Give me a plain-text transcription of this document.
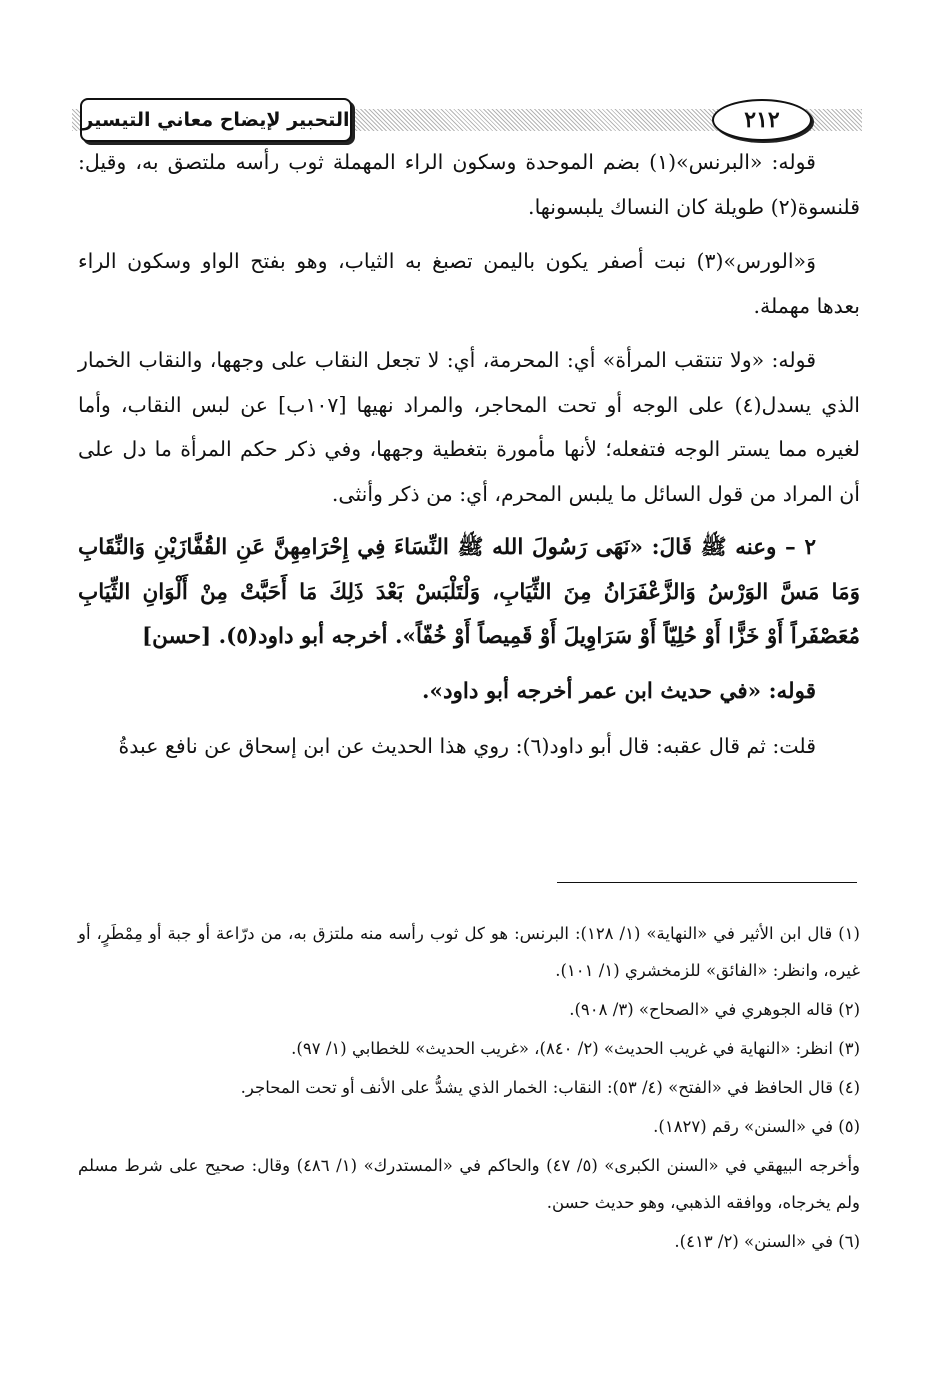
التحبير لإيضاح معاني التيسير	٢١٢

قوله: «البرنس»(١) بضم الموحدة وسكون الراء المهملة ثوب رأسه ملتصق به، وقيل: قلنسوة(٢) طويلة كان النساك يلبسونها.

وَ«الورس»(٣) نبت أصفر يكون باليمن تصبغ به الثياب، وهو بفتح الواو وسكون الراء بعدها مهملة.

قوله: «ولا تنتقب المرأة» أي: المحرمة، أي: لا تجعل النقاب على وجهها، والنقاب الخمار الذي يسدل(٤) على الوجه أو تحت المحاجر، والمراد نهيها [١٠٧ب] عن لبس النقاب، وأما لغيره مما يستر الوجه فتفعله؛ لأنها مأمورة بتغطية وجهها، وفي ذكر حكم المرأة ما دل على أن المراد من قول السائل ما يلبس المحرم، أي: من ذكر وأنثى.

٢ – وعنه ﷺ قَالَ: «نَهَى رَسُولَ الله ﷺ النِّسَاءَ فِي إِحْرَامِهِنَّ عَنِ القُفَّازَيْنِ وَالنِّقَابِ وَمَا مَسَّ الوَرْسُ وَالزَّعْفَرَانُ مِنَ الثِّيَابِ، وَلْتَلْبَسْ بَعْدَ ذَلِكَ مَا أَحَبَّتْ مِنْ أَلْوَانِ الثِّيَابِ مُعَصْفَراً أَوْ خَزًّا أَوْ حُلِيّاً أَوْ سَرَاوِيلَ أَوْ قَمِيصاً أَوْ خُفّاً». أخرجه أبو داود(٥). [حسن]

قوله: «في حديث ابن عمر أخرجه أبو داود».

قلت: ثم قال عقبه: قال أبو داود(٦): روي هذا الحديث عن ابن إسحاق عن نافع عبدةُ

(١) قال ابن الأثير في «النهاية» (١/ ١٢٨): البرنس: هو كل ثوب رأسه منه ملتزق به، من درّاعة أو جبة أو مِمْطَرٍ، أو غيره، وانظر: «الفائق» للزمخشري (١/ ١٠١).
(٢) قاله الجوهري في «الصحاح» (٣/ ٩٠٨).
(٣) انظر: «النهاية في غريب الحديث» (٢/ ٨٤٠)، «غريب الحديث» للخطابي (١/ ٩٧).
(٤) قال الحافظ في «الفتح» (٤/ ٥٣): النقاب: الخمار الذي يشدُّ على الأنف أو تحت المحاجر.
(٥) في «السنن» رقم (١٨٢٧).
وأخرجه البيهقي في «السنن الكبرى» (٥/ ٤٧) والحاكم في «المستدرك» (١/ ٤٨٦) وقال: صحيح على شرط مسلم ولم يخرجاه، ووافقه الذهبي، وهو حديث حسن.
(٦) في «السنن» (٢/ ٤١٣).
